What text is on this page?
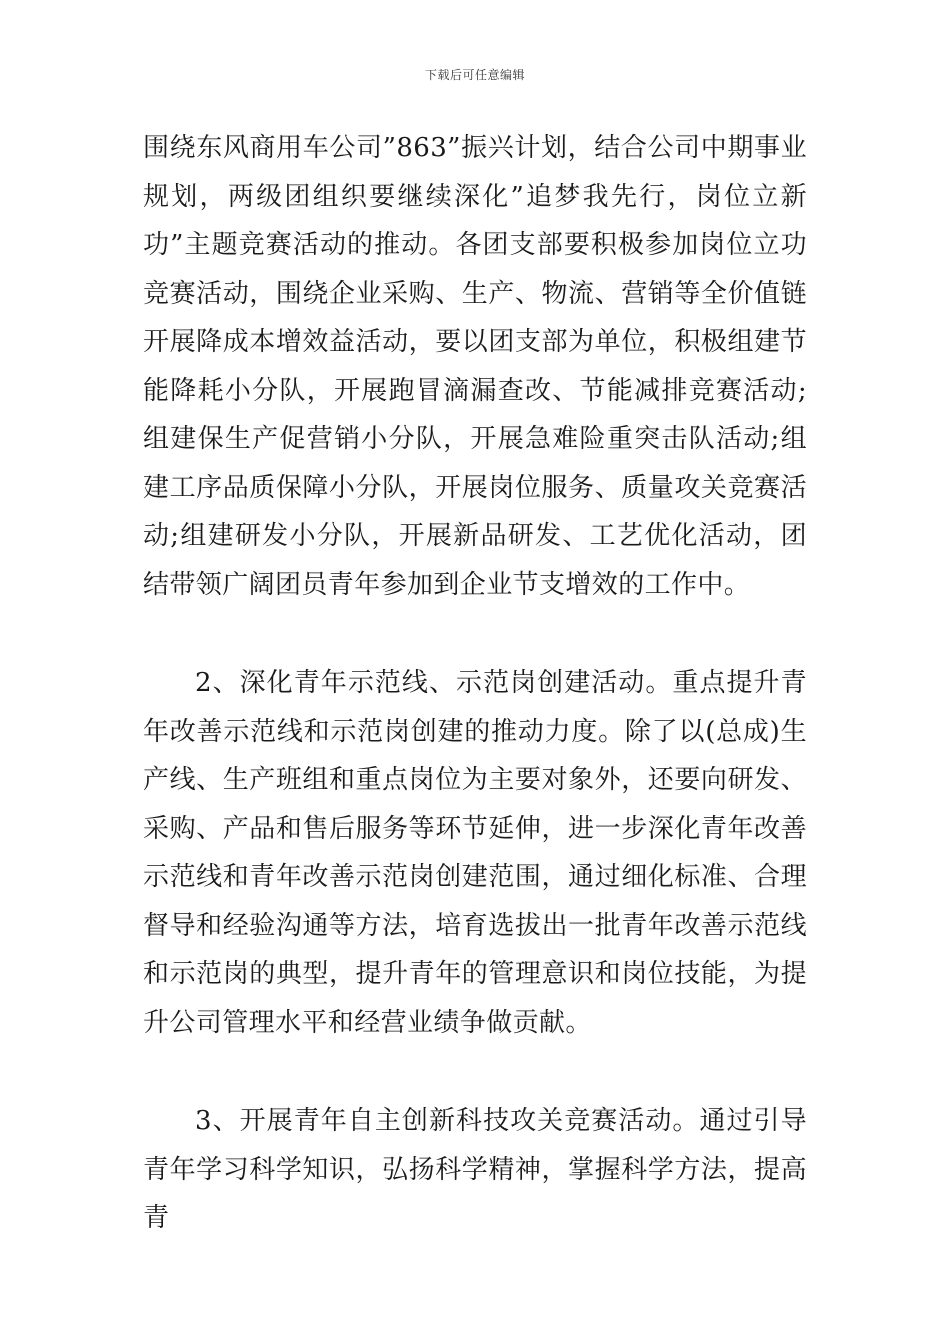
下载后可任意编辑

围绕东风商用车公司”863”振兴计划，结合公司中期事业规划，两级团组织要继续深化”追梦我先行，岗位立新功”主题竞赛活动的推动。各团支部要积极参加岗位立功竞赛活动，围绕企业采购、生产、物流、营销等全价值链开展降成本增效益活动，要以团支部为单位，积极组建节能降耗小分队，开展跑冒滴漏查改、节能减排竞赛活动;组建保生产促营销小分队，开展急难险重突击队活动;组建工序品质保障小分队，开展岗位服务、质量攻关竞赛活动;组建研发小分队，开展新品研发、工艺优化活动，团结带领广阔团员青年参加到企业节支增效的工作中。

2、深化青年示范线、示范岗创建活动。重点提升青年改善示范线和示范岗创建的推动力度。除了以(总成)生产线、生产班组和重点岗位为主要对象外，还要向研发、采购、产品和售后服务等环节延伸，进一步深化青年改善示范线和青年改善示范岗创建范围，通过细化标准、合理督导和经验沟通等方法，培育选拔出一批青年改善示范线和示范岗的典型，提升青年的管理意识和岗位技能，为提升公司管理水平和经营业绩争做贡献。

3、开展青年自主创新科技攻关竞赛活动。通过引导青年学习科学知识，弘扬科学精神，掌握科学方法，提高青
